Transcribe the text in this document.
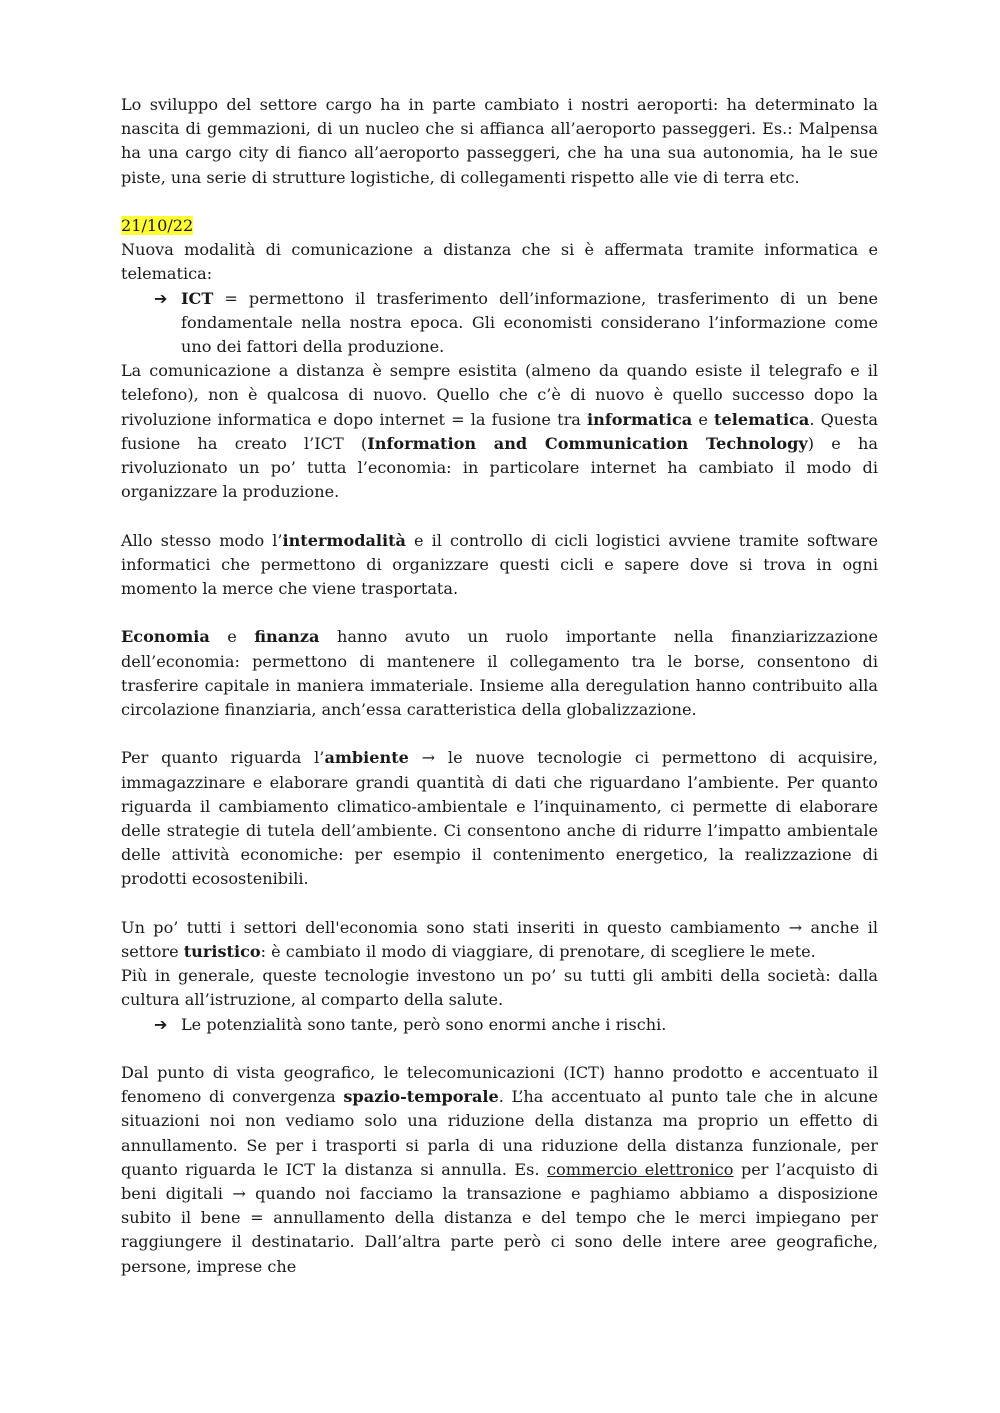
Lo sviluppo del settore cargo ha in parte cambiato i nostri aeroporti: ha determinato la nascita di gemmazioni, di un nucleo che si affianca all’aeroporto passeggeri. Es.: Malpensa ha una cargo city di fianco all’aeroporto passeggeri, che ha una sua autonomia, ha le sue piste, una serie di strutture logistiche, di collegamenti rispetto alle vie di terra etc.

21/10/22

Nuova modalità di comunicazione a distanza che si è affermata tramite informatica e telematica:

➔ ICT = permettono il trasferimento dell’informazione, trasferimento di un bene fondamentale nella nostra epoca. Gli economisti considerano l’informazione come uno dei fattori della produzione.

La comunicazione a distanza è sempre esistita (almeno da quando esiste il telegrafo e il telefono), non è qualcosa di nuovo. Quello che c’è di nuovo è quello successo dopo la rivoluzione informatica e dopo internet = la fusione tra informatica e telematica. Questa fusione ha creato l’ICT (Information and Communication Technology) e ha rivoluzionato un po’ tutta l’economia: in particolare internet ha cambiato il modo di organizzare la produzione.

Allo stesso modo l’intermodalità e il controllo di cicli logistici avviene tramite software informatici che permettono di organizzare questi cicli e sapere dove si trova in ogni momento la merce che viene trasportata.

Economia e finanza hanno avuto un ruolo importante nella finanziarizzazione dell’economia: permettono di mantenere il collegamento tra le borse, consentono di trasferire capitale in maniera immateriale. Insieme alla deregulation hanno contribuito alla circolazione finanziaria, anch’essa caratteristica della globalizzazione.

Per quanto riguarda l’ambiente → le nuove tecnologie ci permettono di acquisire, immagazzinare e elaborare grandi quantità di dati che riguardano l’ambiente. Per quanto riguarda il cambiamento climatico-ambientale e l’inquinamento, ci permette di elaborare delle strategie di tutela dell’ambiente. Ci consentono anche di ridurre l’impatto ambientale delle attività economiche: per esempio il contenimento energetico, la realizzazione di prodotti ecosostenibili.

Un po’ tutti i settori dell'economia sono stati inseriti in questo cambiamento → anche il settore turistico: è cambiato il modo di viaggiare, di prenotare, di scegliere le mete.

Più in generale, queste tecnologie investono un po’ su tutti gli ambiti della società: dalla cultura all’istruzione, al comparto della salute.

➔ Le potenzialità sono tante, però sono enormi anche i rischi.

Dal punto di vista geografico, le telecomunicazioni (ICT) hanno prodotto e accentuato il fenomeno di convergenza spazio-temporale. L’ha accentuato al punto tale che in alcune situazioni noi non vediamo solo una riduzione della distanza ma proprio un effetto di annullamento. Se per i trasporti si parla di una riduzione della distanza funzionale, per quanto riguarda le ICT la distanza si annulla. Es. commercio elettronico per l’acquisto di beni digitali → quando noi facciamo la transazione e paghiamo abbiamo a disposizione subito il bene = annullamento della distanza e del tempo che le merci impiegano per raggiungere il destinatario. Dall’altra parte però ci sono delle intere aree geografiche, persone, imprese che
